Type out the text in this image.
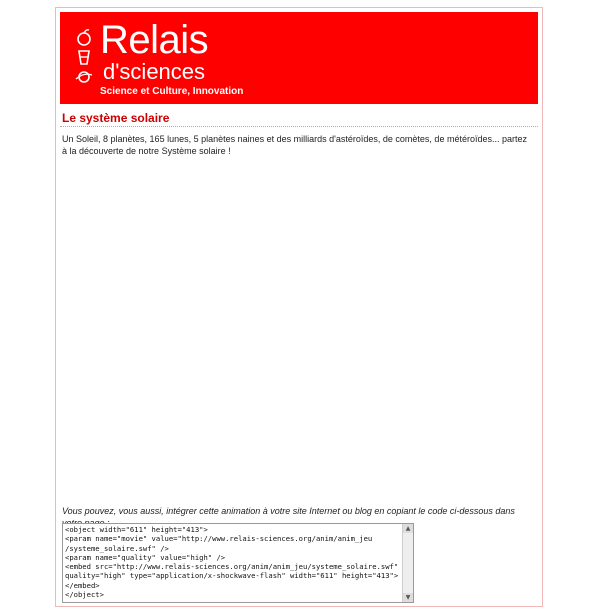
Relais
d'sciences
Science et Culture, Innovation
Le système solaire
Un Soleil, 8 planètes, 165 lunes, 5 planètes naines et des milliards d'astéroïdes, de comètes, de météroïdes... partez à la découverte de notre Système solaire !
Vous pouvez, vous aussi, intégrer cette animation à votre site Internet ou blog en copiant le code ci-dessous dans
<object width="611" height="413">
<param name="movie" value="http://www.relais-sciences.org/anim/anim_jeu
/systeme_solaire.swf" />
<param name="quality" value="high" />
<embed src="http://www.relais-sciences.org/anim/anim_jeu/systeme_solaire.swf"
quality="high" type="application/x-shockwave-flash" width="611" height="413">
</embed>
</object>
▲
▼
